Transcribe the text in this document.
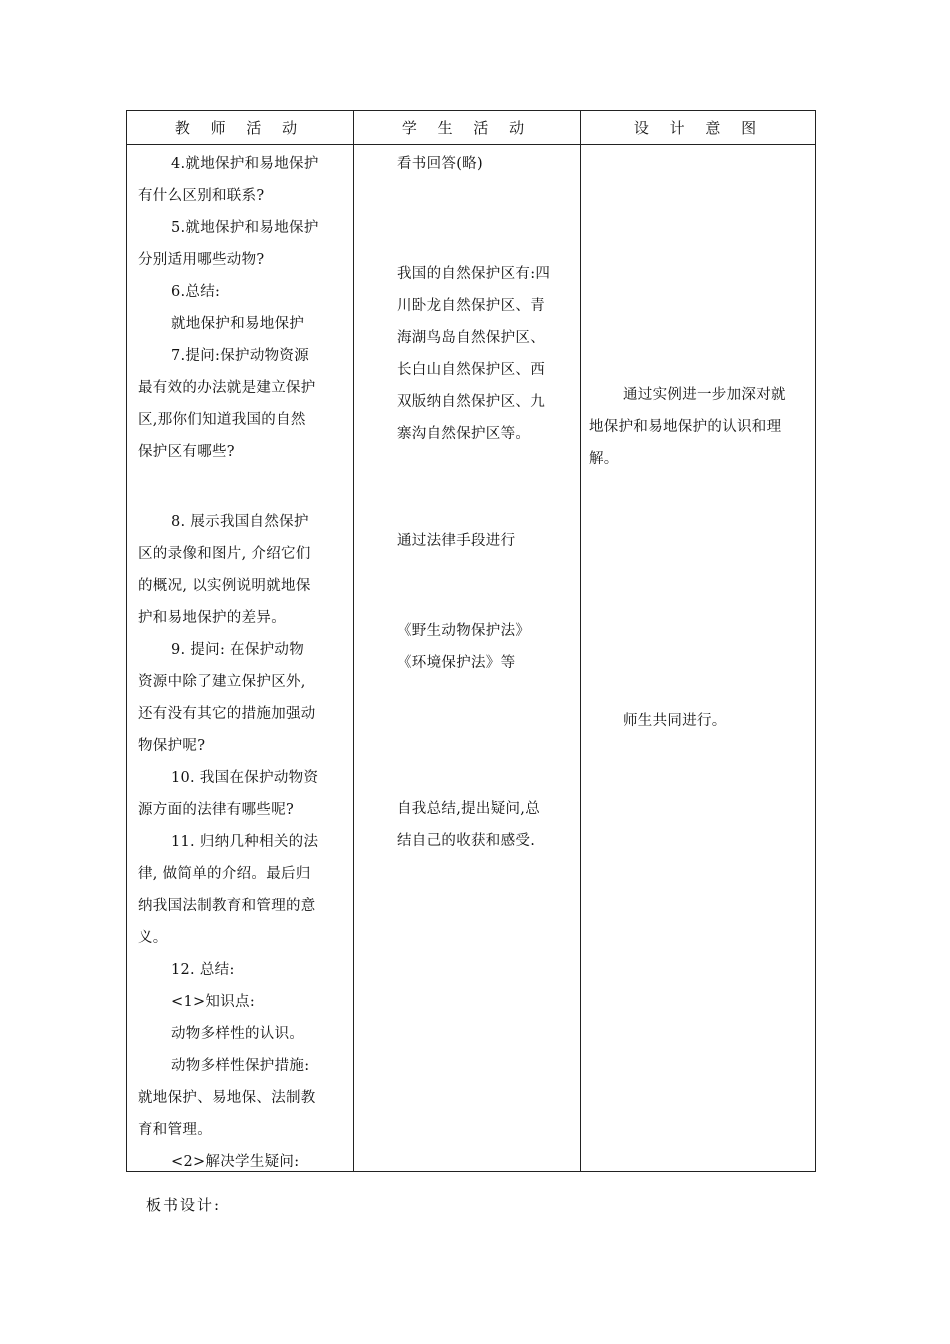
教 师 活 动	学 生 活 动	设 计 意 图
4.就地保护和易地保护
有什么区别和联系?
5.就地保护和易地保护
分别适用哪些动物?
6.总结:
就地保护和易地保护
7.提问:保护动物资源
最有效的办法就是建立保护
区,那你们知道我国的自然
保护区有哪些?
8. 展示我国自然保护
区的录像和图片, 介绍它们
的概况, 以实例说明就地保
护和易地保护的差异。
9. 提问: 在保护动物
资源中除了建立保护区外,
还有没有其它的措施加强动
物保护呢?
10. 我国在保护动物资
源方面的法律有哪些呢?
11. 归纳几种相关的法
律, 做简单的介绍。最后归
纳我国法制教育和管理的意
义。
12. 总结:
<1>知识点:
动物多样性的认识。
动物多样性保护措施:
就地保护、易地保、法制教
育和管理。
<2>解决学生疑问:
看书回答(略)
我国的自然保护区有:四
川卧龙自然保护区、青
海湖鸟岛自然保护区、
长白山自然保护区、西
双版纳自然保护区、九
寨沟自然保护区等。
通过法律手段进行
《野生动物保护法》
《环境保护法》等
自我总结,提出疑问,总
结自己的收获和感受.
通过实例进一步加深对就
地保护和易地保护的认识和理
解。
师生共同进行。
板书设计:
